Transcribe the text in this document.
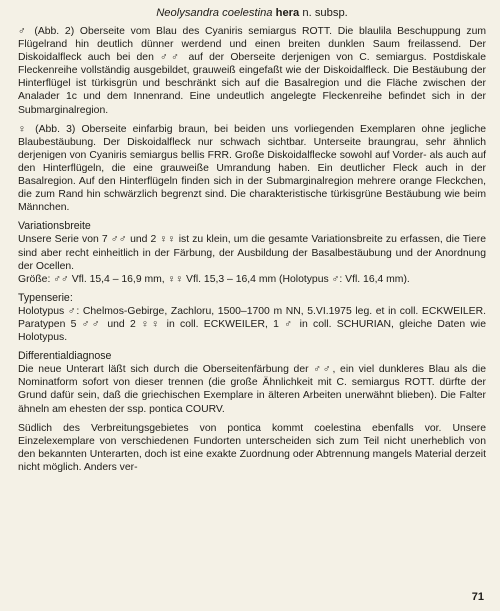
Neolysandra coelestina hera n. subsp.

♂ (Abb. 2) Oberseite vom Blau des Cyaniris semiargus ROTT. Die blaulila Beschuppung zum Flügelrand hin deutlich dünner werdend und einen breiten dunklen Saum freilassend. Der Diskoidalfleck auch bei den ♂♂ auf der Oberseite derjenigen von C. semiargus. Postdiskale Fleckenreihe vollständig ausgebildet, grauweiß eingefaßt wie der Diskoidalfleck. Die Bestäubung der Hinterflügel ist türkisgrün und beschränkt sich auf die Basalregion und die Fläche zwischen der Analader 1c und dem Innenrand. Eine undeutlich angelegte Fleckenreihe befindet sich in der Submarginalregion.

♀ (Abb. 3) Oberseite einfarbig braun, bei beiden uns vorliegenden Exemplaren ohne jegliche Blaubestäubung. Der Diskoidalfleck nur schwach sichtbar. Unterseite braungrau, sehr ähnlich derjenigen von Cyaniris semiargus bellis FRR. Große Diskoidalflecke sowohl auf Vorder- als auch auf den Hinterflügeln, die eine grauweiße Umrandung haben. Ein deutlicher Fleck auch in der Basalregion. Auf den Hinterflügeln finden sich in der Submarginalregion mehrere orange Fleckchen, die zum Rand hin schwärzlich begrenzt sind. Die charakteristische türkisgrüne Bestäubung wie beim Männchen.

Variationsbreite

Unsere Serie von 7 ♂♂ und 2 ♀♀ ist zu klein, um die gesamte Variationsbreite zu erfassen, die Tiere sind aber recht einheitlich in der Färbung, der Ausbildung der Basalbestäubung und der Anordnung der Ocellen.

Größe: ♂♂ Vfl. 15,4 – 16,9 mm, ♀♀ Vfl. 15,3 – 16,4 mm (Holotypus ♂: Vfl. 16,4 mm).

Typenserie:

Holotypus ♂: Chelmos-Gebirge, Zachloru, 1500–1700 m NN, 5.VI.1975 leg. et in coll. ECKWEILER. Paratypen 5 ♂♂ und 2 ♀♀ in coll. ECKWEILER, 1 ♂ in coll. SCHURIAN, gleiche Daten wie Holotypus.

Differentialdiagnose

Die neue Unterart läßt sich durch die Oberseitenfärbung der ♂♂, ein viel dunkleres Blau als die Nominatform sofort von dieser trennen (die große Ähnlichkeit mit C. semiargus ROTT. dürfte der Grund dafür sein, daß die griechischen Exemplare in älteren Arbeiten unerwähnt blieben). Die Falter ähneln am ehesten der ssp. pontica COURV.

Südlich des Verbreitungsgebietes von pontica kommt coelestina ebenfalls vor. Unsere Einzelexemplare von verschiedenen Fundorten unterscheiden sich zum Teil nicht unerheblich von den bekannten Unterarten, doch ist eine exakte Zuordnung oder Abtrennung mangels Material derzeit nicht möglich. Anders ver-

71
